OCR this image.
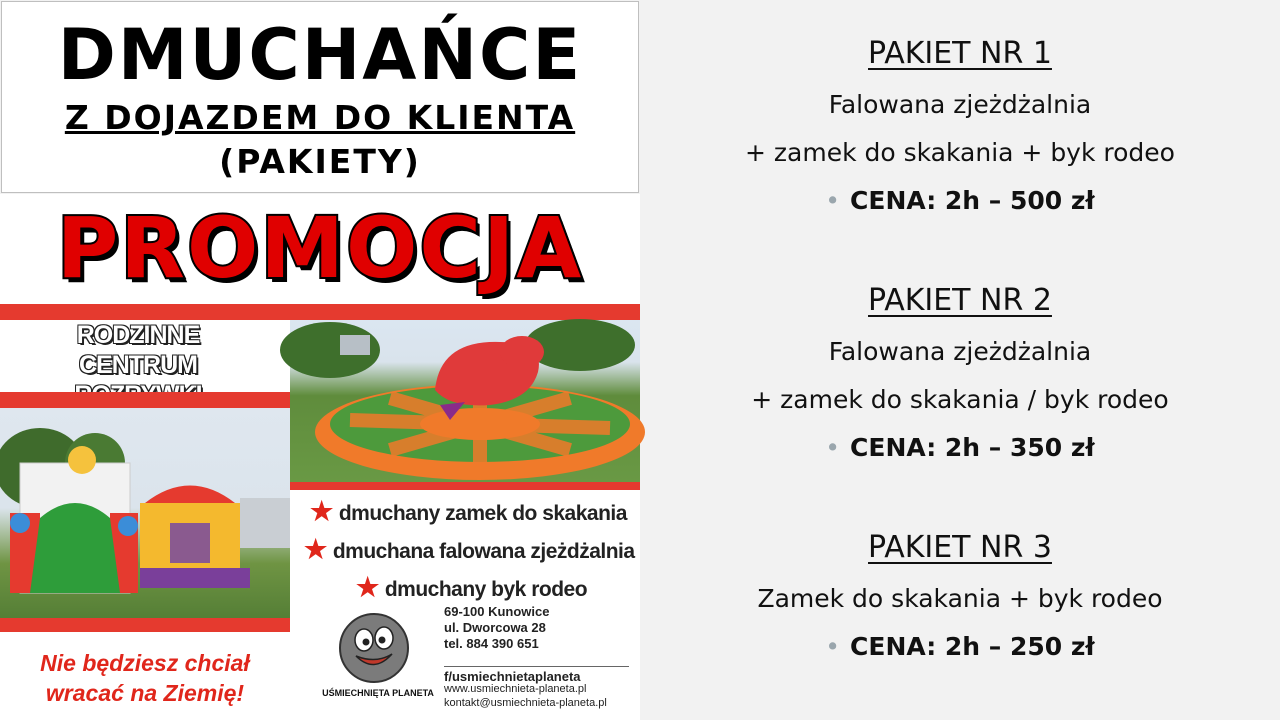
DMUCHAŃCE
Z DOJAZDEM DO KLIENTA
(PAKIETY)
PROMOCJA
RODZINNE
CENTRUM
★ dmuchany zamek do skakania
★ dmuchana falowana zjeżdżalnia
★ dmuchany byk rodeo
UŚMIECHNIĘTA PLANETA
69-100 Kunowice
ul. Dworcowa 28
tel. 884 390 651
f/usmiechnietaplaneta
www.usmiechnieta-planeta.pl
kontakt@usmiechnieta-planeta.pl
Nie będziesz chciał
wracać na Ziemię!
PAKIET NR 1
Falowana zjeżdżalnia
+ zamek do skakania + byk rodeo
• CENA: 2h – 500 zł
PAKIET NR 2
Falowana zjeżdżalnia
+ zamek do skakania / byk rodeo
• CENA: 2h – 350 zł
PAKIET NR 3
Zamek do skakania + byk rodeo
• CENA: 2h – 250 zł
